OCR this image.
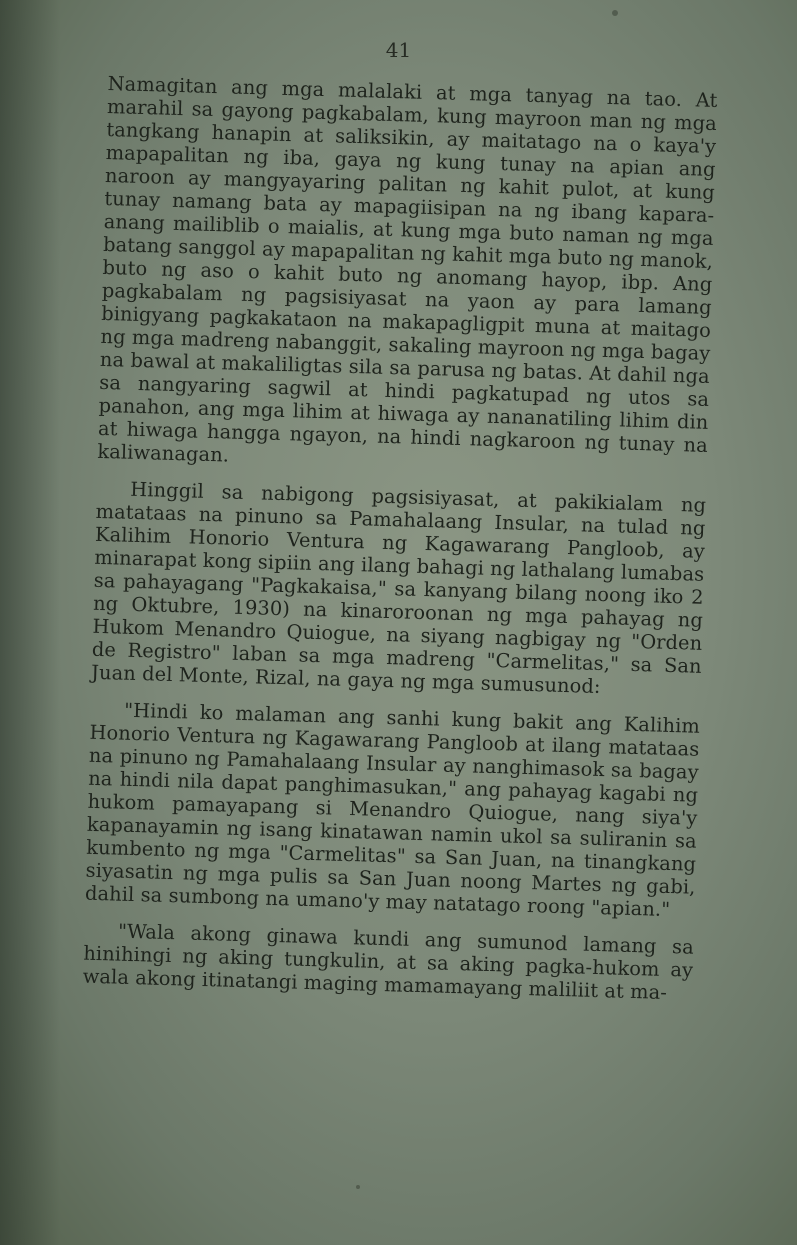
41

Namagitan ang mga malalaki at mga tanyag na tao. At marahil sa gayong pagkabalam, kung mayroon man ng mga tangkang hanapin at saliksikin, ay maitatago na o kaya'y mapapalitan ng iba, gaya ng kung tunay na apian ang naroon ay mangyayaring palitan ng kahit pulot, at kung tunay namang bata ay mapagiisipan na ng ibang kapara-anang mailiblib o maialis, at kung mga buto naman ng mga batang sanggol ay mapapalitan ng kahit mga buto ng manok, buto ng aso o kahit buto ng anomang hayop, ibp. Ang pagkabalam ng pagsisiyasat na yaon ay para lamang binigyang pagkakataon na makapagligpit muna at maitago ng mga madreng nabanggit, sakaling mayroon ng mga bagay na bawal at makaliligtas sila sa parusa ng batas. At dahil nga sa nangyaring sagwil at hindi pagkatupad ng utos sa panahon, ang mga lihim at hiwaga ay nananatiling lihim din at hiwaga hangga ngayon, na hindi nagkaroon ng tunay na kaliwanagan.

Hinggil sa nabigong pagsisiyasat, at pakikialam ng matataas na pinuno sa Pamahalaang Insular, na tulad ng Kalihim Honorio Ventura ng Kagawarang Pangloob, ay minarapat kong sipiin ang ilang bahagi ng lathalang lumabas sa pahayagang "Pagkakaisa," sa kanyang bilang noong iko 2 ng Oktubre, 1930) na kinaroroonan ng mga pahayag ng Hukom Menandro Quiogue, na siyang nagbigay ng "Orden de Registro" laban sa mga madreng "Carmelitas," sa San Juan del Monte, Rizal, na gaya ng mga sumusunod:

"Hindi ko malaman ang sanhi kung bakit ang Kalihim Honorio Ventura ng Kagawarang Pangloob at ilang matataas na pinuno ng Pamahalaang Insular ay nanghimasok sa bagay na hindi nila dapat panghimasukan," ang pahayag kagabi ng hukom pamayapang si Menandro Quiogue, nang siya'y kapanayamin ng isang kinatawan namin ukol sa suliranin sa kumbento ng mga "Carmelitas" sa San Juan, na tinangkang siyasatin ng mga pulis sa San Juan noong Martes ng gabi, dahil sa sumbong na umano'y may natatago roong "apian."

"Wala akong ginawa kundi ang sumunod lamang sa hinihingi ng aking tungkulin, at sa aking pagka-hukom ay wala akong itinatangi maging mamamayang maliliit at ma-
